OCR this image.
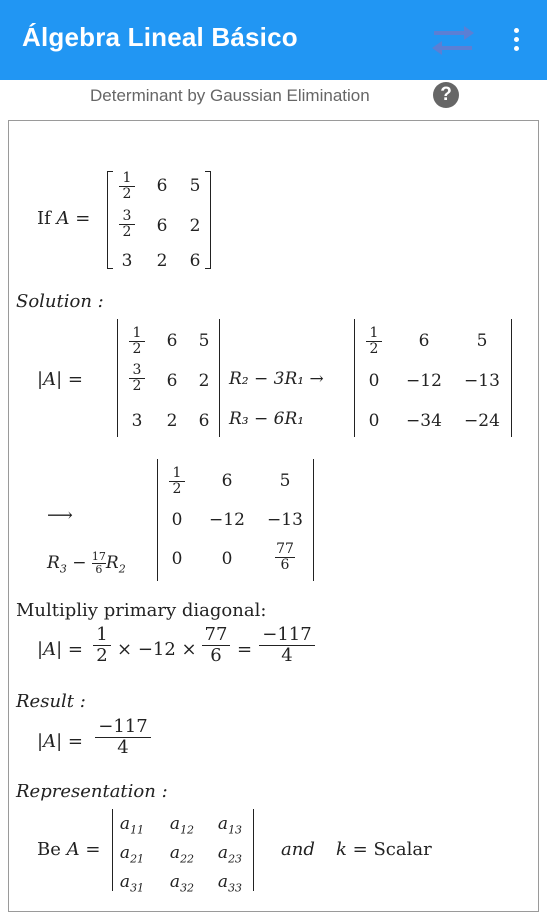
Álgebra Lineal Básico
Determinant by Gaussian Elimination	?
If A =
$\frac{1}{2}$	6	5
$\frac{3}{2}$	6	2
3	2	6
Solution :
|A| =
$\frac{1}{2}$	6	5
$\frac{3}{2}$	6	2
3	2	6
R₂ − 3R₁ →
R₃ − 6R₁
$\frac{1}{2}$	6	5
0	−12 −13
0	−34 −24
⟶
$R_3 - \frac{17}{6} R_2$
$\frac{1}{2}$	6	5
0	−12 −13
0	0	$\frac{77}{6}$
Multipliy primary diagonal:
$|A| = \frac{1}{2} \times -12 \times \frac{77}{6} = \frac{-117}{4}$
Result :
$|A| = \frac{-117}{4}$
Representation :
Be A =
$a_{11}$	$a_{12}$	$a_{13}$
$a_{21}$	$a_{22}$	$a_{23}$
$a_{31}$	$a_{32}$	$a_{33}$
and k = Scalar
